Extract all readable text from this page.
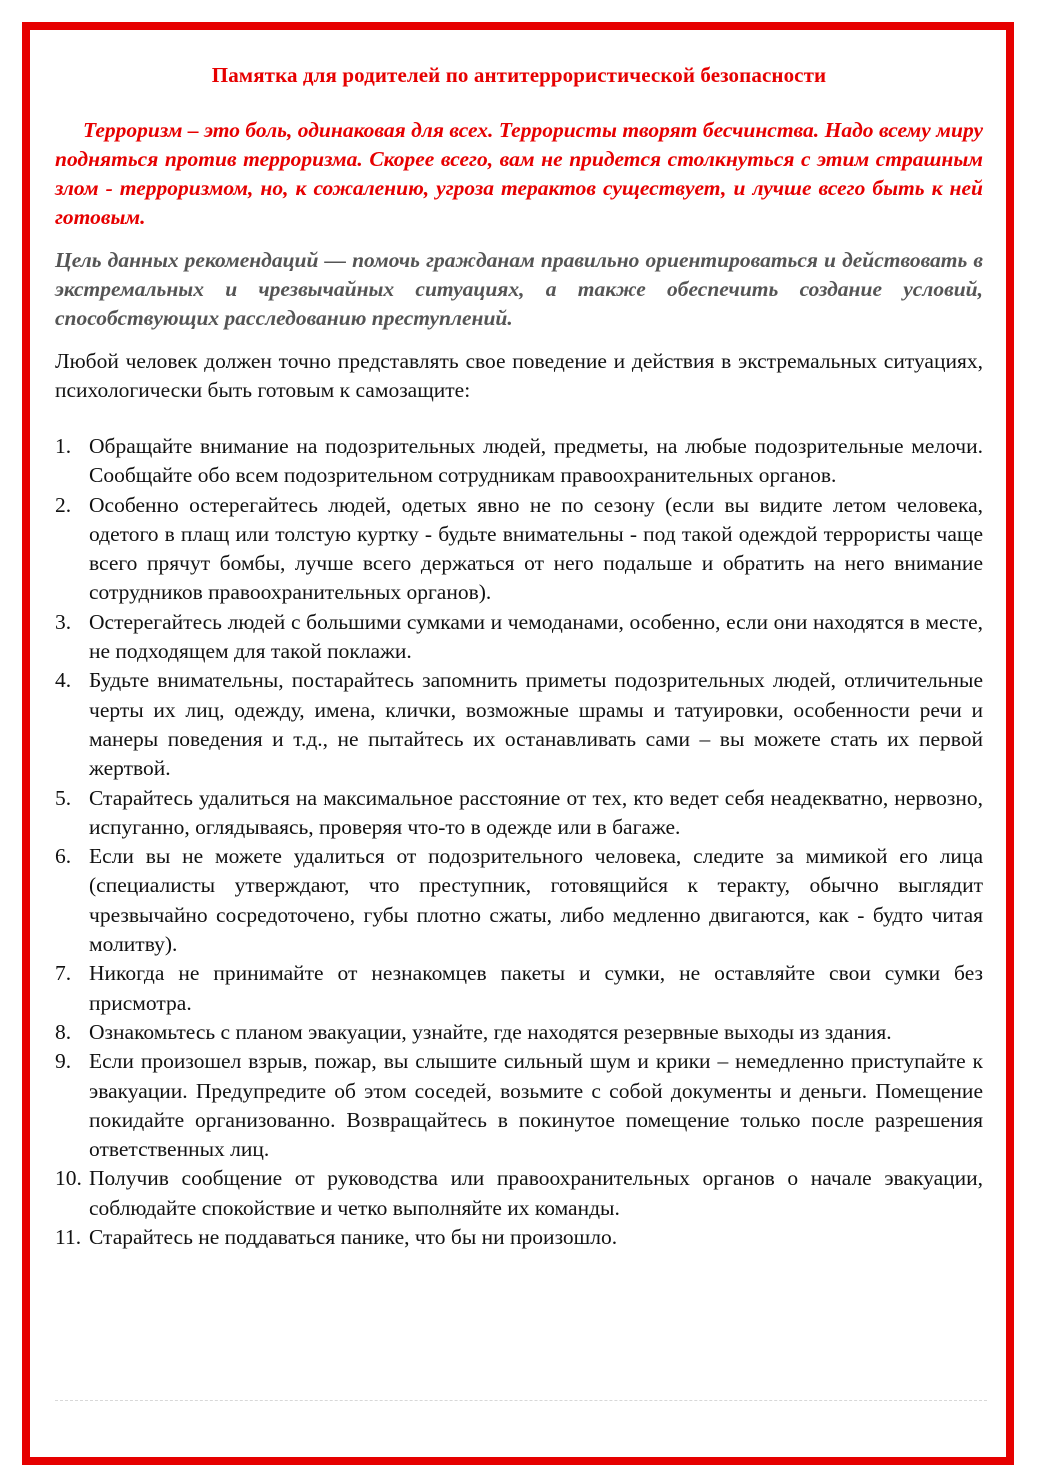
Памятка для родителей по антитеррористической безопасности

Терроризм – это боль, одинаковая для всех. Террористы творят бесчинства. Надо всему миру подняться против терроризма. Скорее всего, вам не придется столкнуться с этим страшным злом - терроризмом, но, к сожалению, угроза терактов существует, и лучше всего быть к ней готовым.

Цель данных рекомендаций — помочь гражданам правильно ориентироваться и действовать в экстремальных и чрезвычайных ситуациях, а также обеспечить создание условий, способствующих расследованию преступлений.

Любой человек должен точно представлять свое поведение и действия в экстремальных ситуациях, психологически быть готовым к самозащите:

1. Обращайте внимание на подозрительных людей, предметы, на любые подозрительные мелочи. Сообщайте обо всем подозрительном сотрудникам правоохранительных органов.
2. Особенно остерегайтесь людей, одетых явно не по сезону (если вы видите летом человека, одетого в плащ или толстую куртку - будьте внимательны - под такой одеждой террористы чаще всего прячут бомбы, лучше всего держаться от него подальше и обратить на него внимание сотрудников правоохранительных органов).
3. Остерегайтесь людей с большими сумками и чемоданами, особенно, если они находятся в месте, не подходящем для такой поклажи.
4. Будьте внимательны, постарайтесь запомнить приметы подозрительных людей, отличительные черты их лиц, одежду, имена, клички, возможные шрамы и татуировки, особенности речи и манеры поведения и т.д., не пытайтесь их останавливать сами – вы можете стать их первой жертвой.
5. Старайтесь удалиться на максимальное расстояние от тех, кто ведет себя неадекватно, нервозно, испуганно, оглядываясь, проверяя что-то в одежде или в багаже.
6. Если вы не можете удалиться от подозрительного человека, следите за мимикой его лица (специалисты утверждают, что преступник, готовящийся к теракту, обычно выглядит чрезвычайно сосредоточено, губы плотно сжаты, либо медленно двигаются, как - будто читая молитву).
7. Никогда не принимайте от незнакомцев пакеты и сумки, не оставляйте свои сумки без присмотра.
8. Ознакомьтесь с планом эвакуации, узнайте, где находятся резервные выходы из здания.
9. Если произошел взрыв, пожар, вы слышите сильный шум и крики – немедленно приступайте к эвакуации. Предупредите об этом соседей, возьмите с собой документы и деньги. Помещение покидайте организованно. Возвращайтесь в покинутое помещение только после разрешения ответственных лиц.
10. Получив сообщение от руководства или правоохранительных органов о начале эвакуации, соблюдайте спокойствие и четко выполняйте их команды.
11. Старайтесь не поддаваться панике, что бы ни произошло.
